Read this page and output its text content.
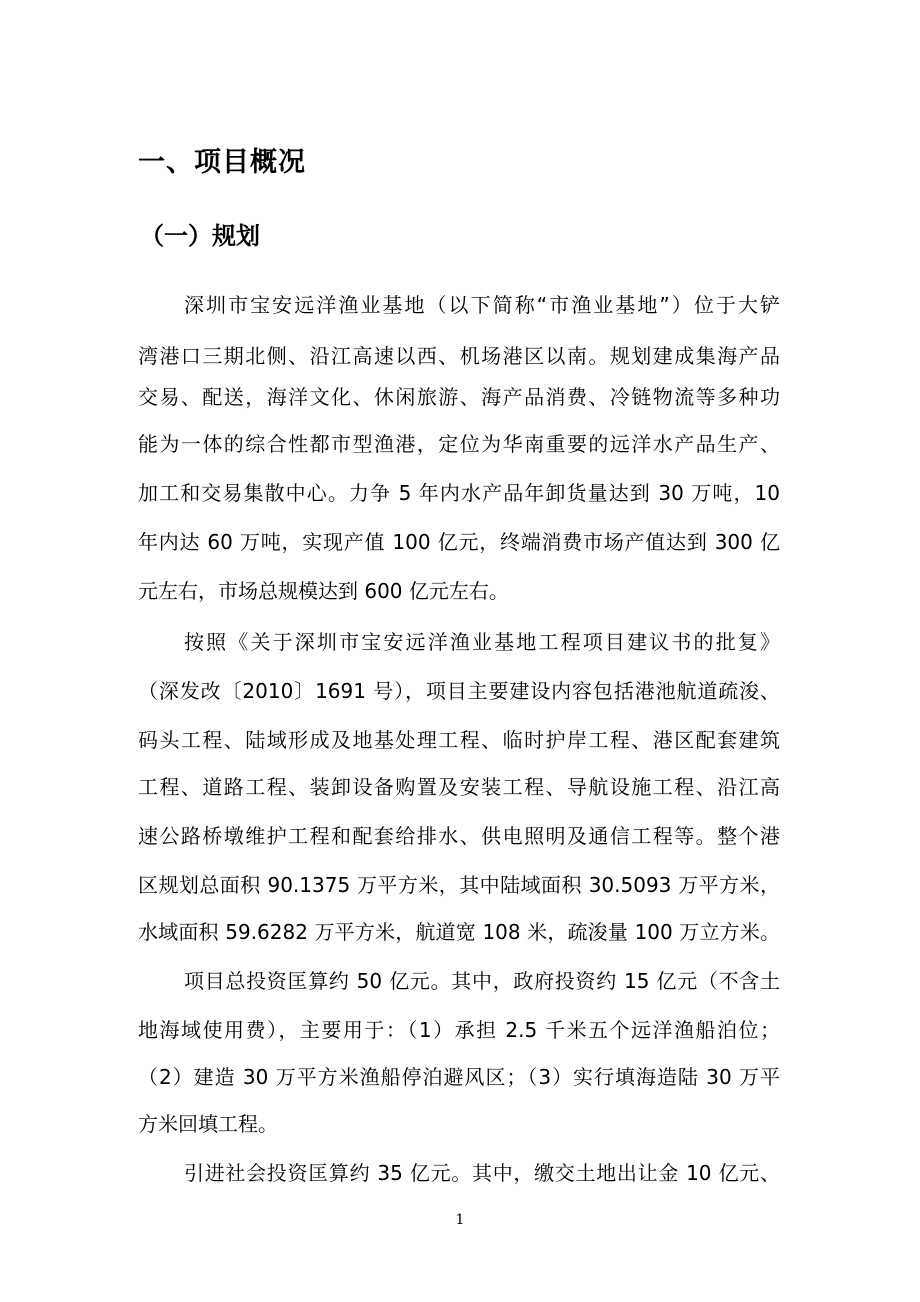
一、项目概况
（一）规划
深圳市宝安远洋渔业基地（以下简称“市渔业基地”）位于大铲
湾港口三期北侧、沿江高速以西、机场港区以南。规划建成集海产品
交易、配送，海洋文化、休闲旅游、海产品消费、冷链物流等多种功
能为一体的综合性都市型渔港，定位为华南重要的远洋水产品生产、
加工和交易集散中心。力争 5 年内水产品年卸货量达到 30 万吨，10
年内达 60 万吨，实现产值 100 亿元，终端消费市场产值达到 300 亿
元左右，市场总规模达到 600 亿元左右。
按照《关于深圳市宝安远洋渔业基地工程项目建议书的批复》
（深发改〔2010〕1691 号），项目主要建设内容包括港池航道疏浚、
码头工程、陆域形成及地基处理工程、临时护岸工程、港区配套建筑
工程、道路工程、装卸设备购置及安装工程、导航设施工程、沿江高
速公路桥墩维护工程和配套给排水、供电照明及通信工程等。整个港
区规划总面积 90.1375 万平方米，其中陆域面积 30.5093 万平方米，
水域面积 59.6282 万平方米，航道宽 108 米，疏浚量 100 万立方米。
项目总投资匡算约 50 亿元。其中，政府投资约 15 亿元（不含土
地海域使用费），主要用于：（1）承担 2.5 千米五个远洋渔船泊位；
（2）建造 30 万平方米渔船停泊避风区；（3）实行填海造陆 30 万平
方米回填工程。
引进社会投资匡算约 35 亿元。其中，缴交土地出让金 10 亿元、
1
